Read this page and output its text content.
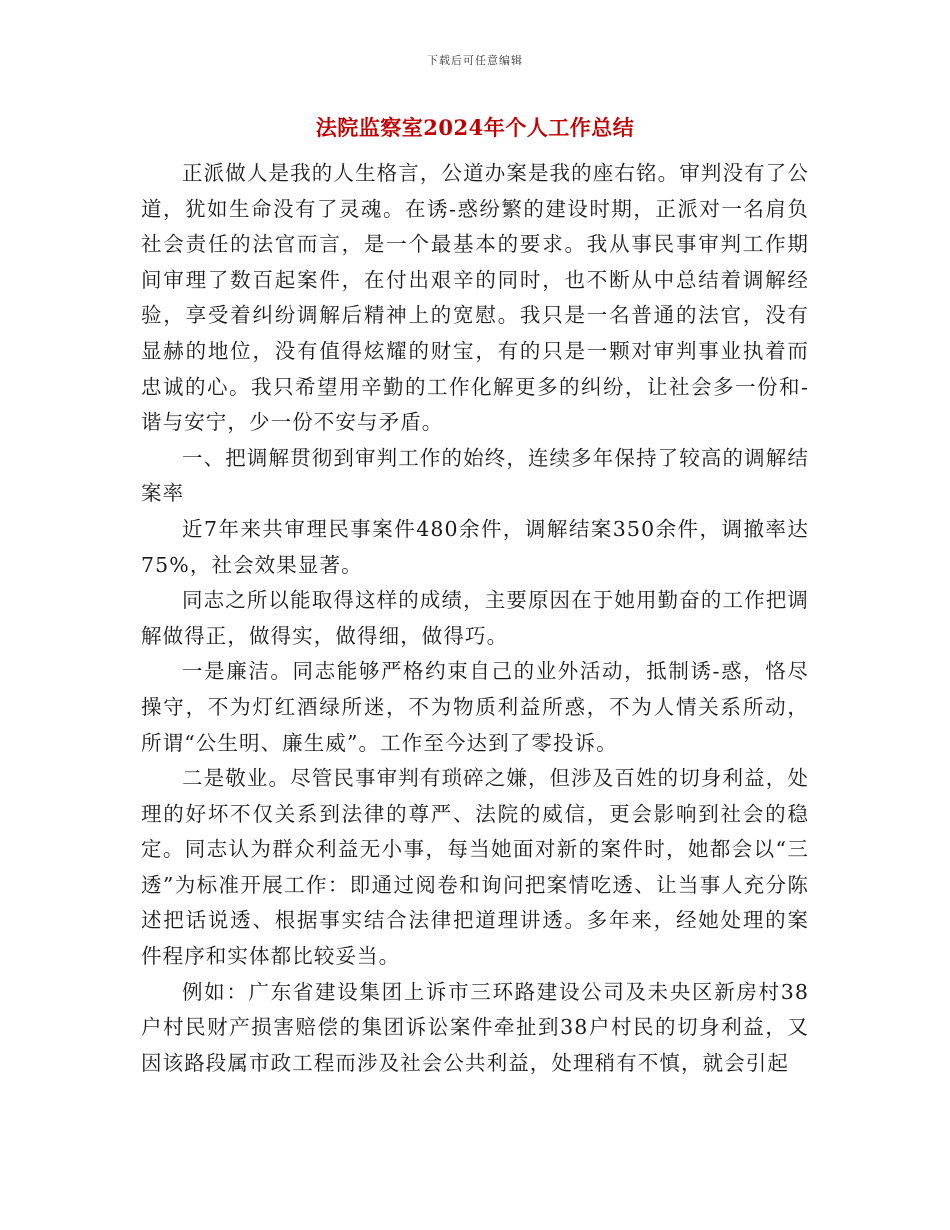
下载后可任意编辑
法院监察室2024年个人工作总结

正派做人是我的人生格言，公道办案是我的座右铭。审判没有了公道，犹如生命没有了灵魂。在诱-惑纷繁的建设时期，正派对一名肩负社会责任的法官而言，是一个最基本的要求。我从事民事审判工作期间审理了数百起案件，在付出艰辛的同时，也不断从中总结着调解经验，享受着纠纷调解后精神上的宽慰。我只是一名普通的法官，没有显赫的地位，没有值得炫耀的财宝，有的只是一颗对审判事业执着而忠诚的心。我只希望用辛勤的工作化解更多的纠纷，让社会多一份和-谐与安宁，少一份不安与矛盾。

一、把调解贯彻到审判工作的始终，连续多年保持了较高的调解结案率

近7年来共审理民事案件480余件，调解结案350余件，调撤率达75%，社会效果显著。

同志之所以能取得这样的成绩，主要原因在于她用勤奋的工作把调解做得正，做得实，做得细，做得巧。

一是廉洁。同志能够严格约束自己的业外活动，抵制诱-惑，恪尽操守，不为灯红酒绿所迷，不为物质利益所惑，不为人情关系所动，所谓“公生明、廉生威”。工作至今达到了零投诉。

二是敬业。尽管民事审判有琐碎之嫌，但涉及百姓的切身利益，处理的好坏不仅关系到法律的尊严、法院的威信，更会影响到社会的稳定。同志认为群众利益无小事，每当她面对新的案件时，她都会以“三透”为标准开展工作：即通过阅卷和询问把案情吃透、让当事人充分陈述把话说透、根据事实结合法律把道理讲透。多年来，经她处理的案件程序和实体都比较妥当。

例如：广东省建设集团上诉市三环路建设公司及未央区新房村38户村民财产损害赔偿的集团诉讼案件牵扯到38户村民的切身利益，又因该路段属市政工程而涉及社会公共利益，处理稍有不慎，就会引起
